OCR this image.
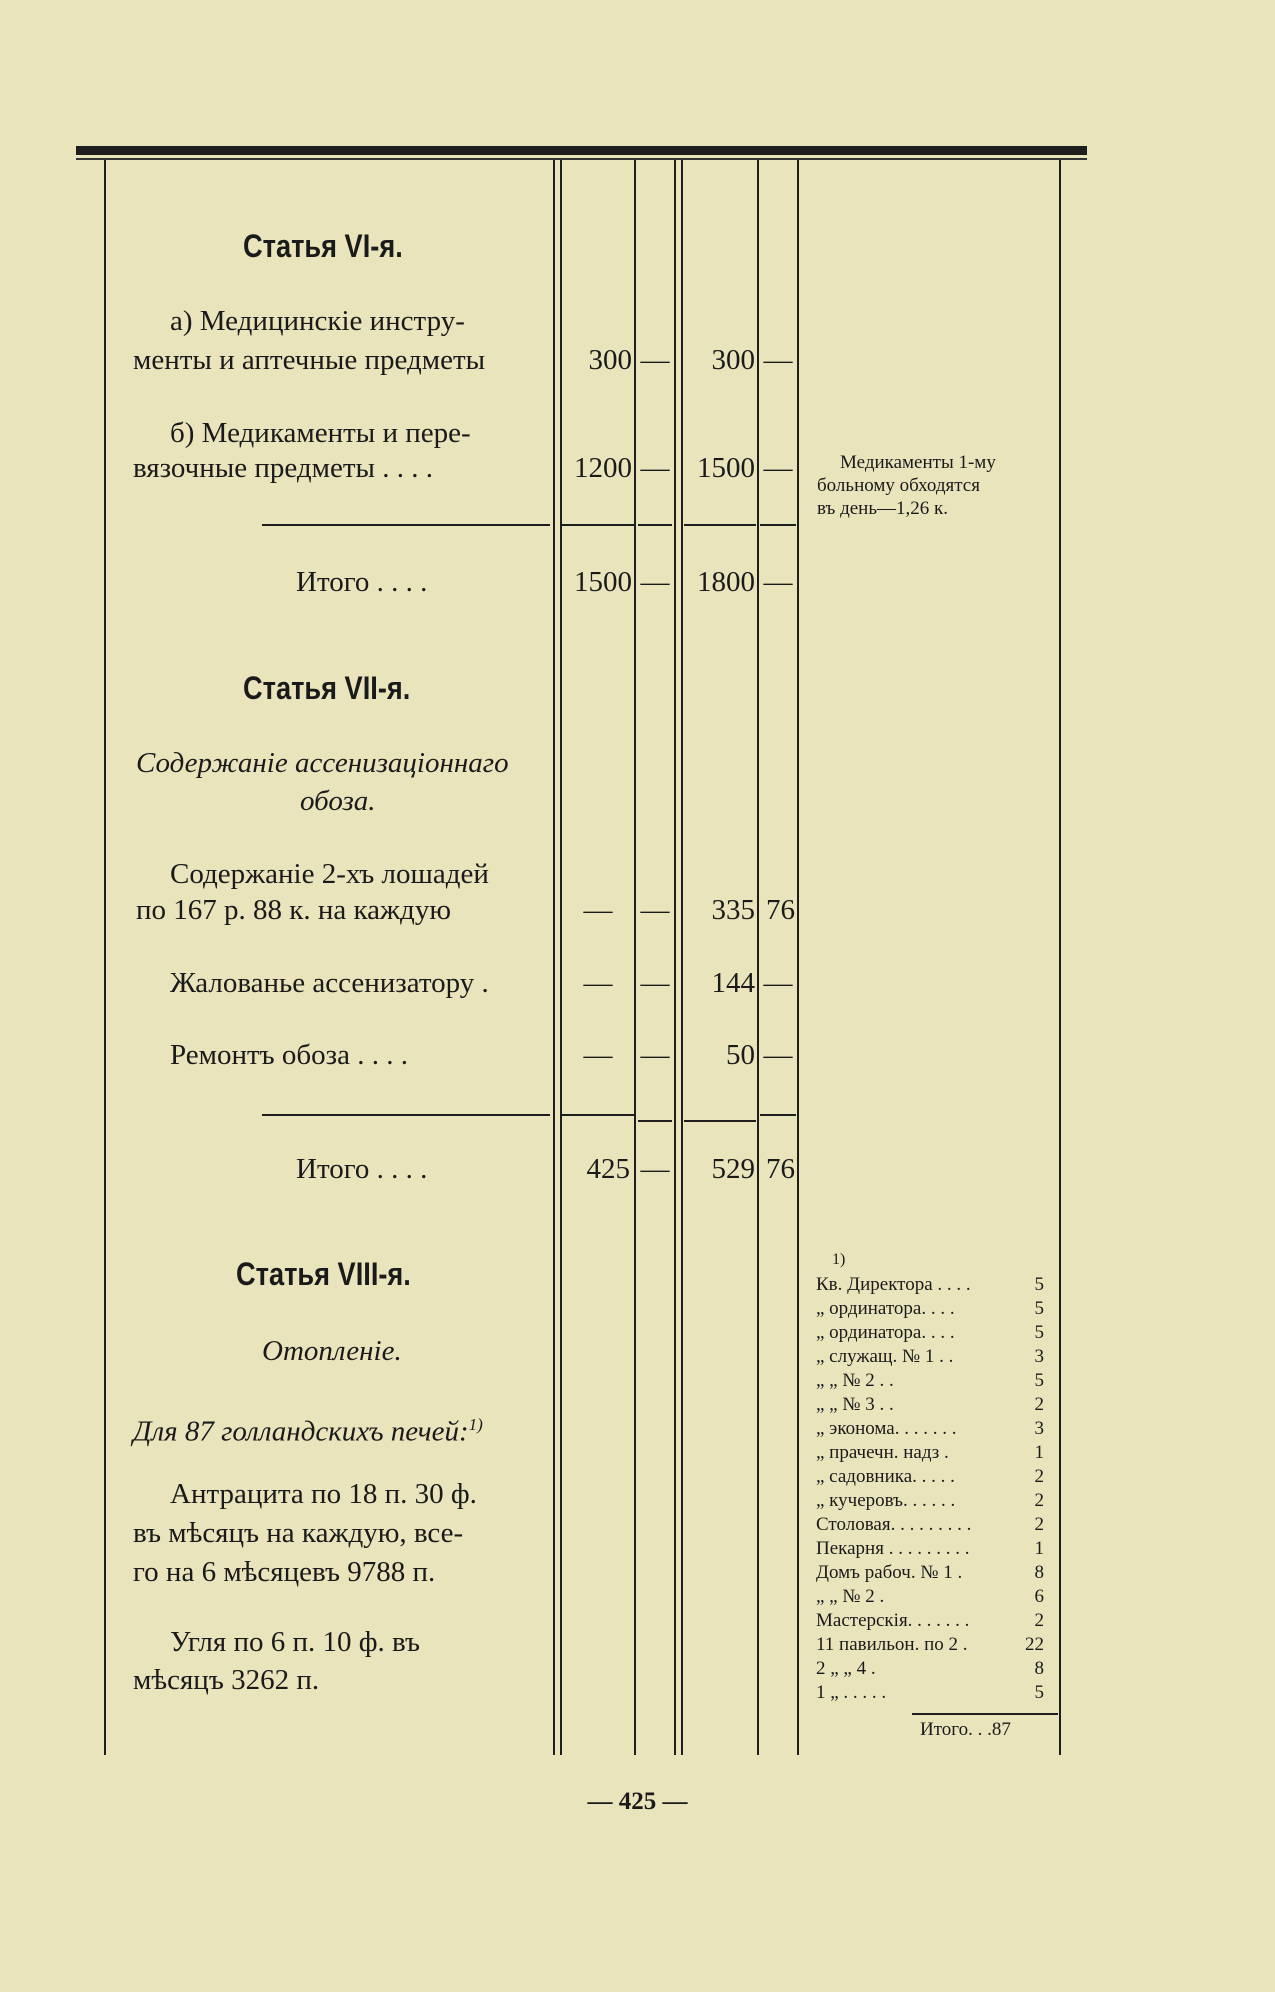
Статья VI-я.
а) Медицинскіе инстру-
менты и аптечные предметы	300 —	300 —
б) Медикаменты и пере-
вязочные предметы . . . .	1200 — 1500 —	Медикаменты 1-му
больному обходятся
въ день—1,26 к.
Итого . . . .	1500 — 1800 —
Статья VII-я.
Содержаніе ассенизаціоннаго
обоза.
Содержаніе 2-хъ лошадей
по 167 р. 88 к. на каждую	— —	335 76
Жалованье ассенизатору .	— —	144 —
Ремонтъ обоза . . . .	— —	50 —
Итого . . . .	425 —	529 76
Статья VIII-я.
Отопленіе.
Для 87 голландскихъ печей:$^{1)}$
Антрацита по 18 п. 30 ф.
въ мѣсяцъ на каждую, все-
го на 6 мѣсяцевъ 9788 п.
Угля по 6 п. 10 ф. въ
мѣсяцъ 3262 п.
1)
Кв. Директора . . . .	5
„ ординатора. . . .	5
„ ординатора. . . .	5
„ служащ. № 1 . .	3
„ „ № 2 . .	5
„ „ № 3 . .	2
„ эконома. . . . . . .	3
„ прачечн. надз .	1
„ садовника. . . . .	2
„ кучеровъ. . . . . .	2
Столовая. . . . . . . . .	2
Пекарня . . . . . . . . .	1
Домъ рабоч. № 1 .	8
„ „ № 2 .	6
Мастерскія. . . . . . .	2
11 павильон. по 2 .	22
2 „ „ 4 .	8
1 „ . . . . .	5
Итого. . .87
— 425 —
